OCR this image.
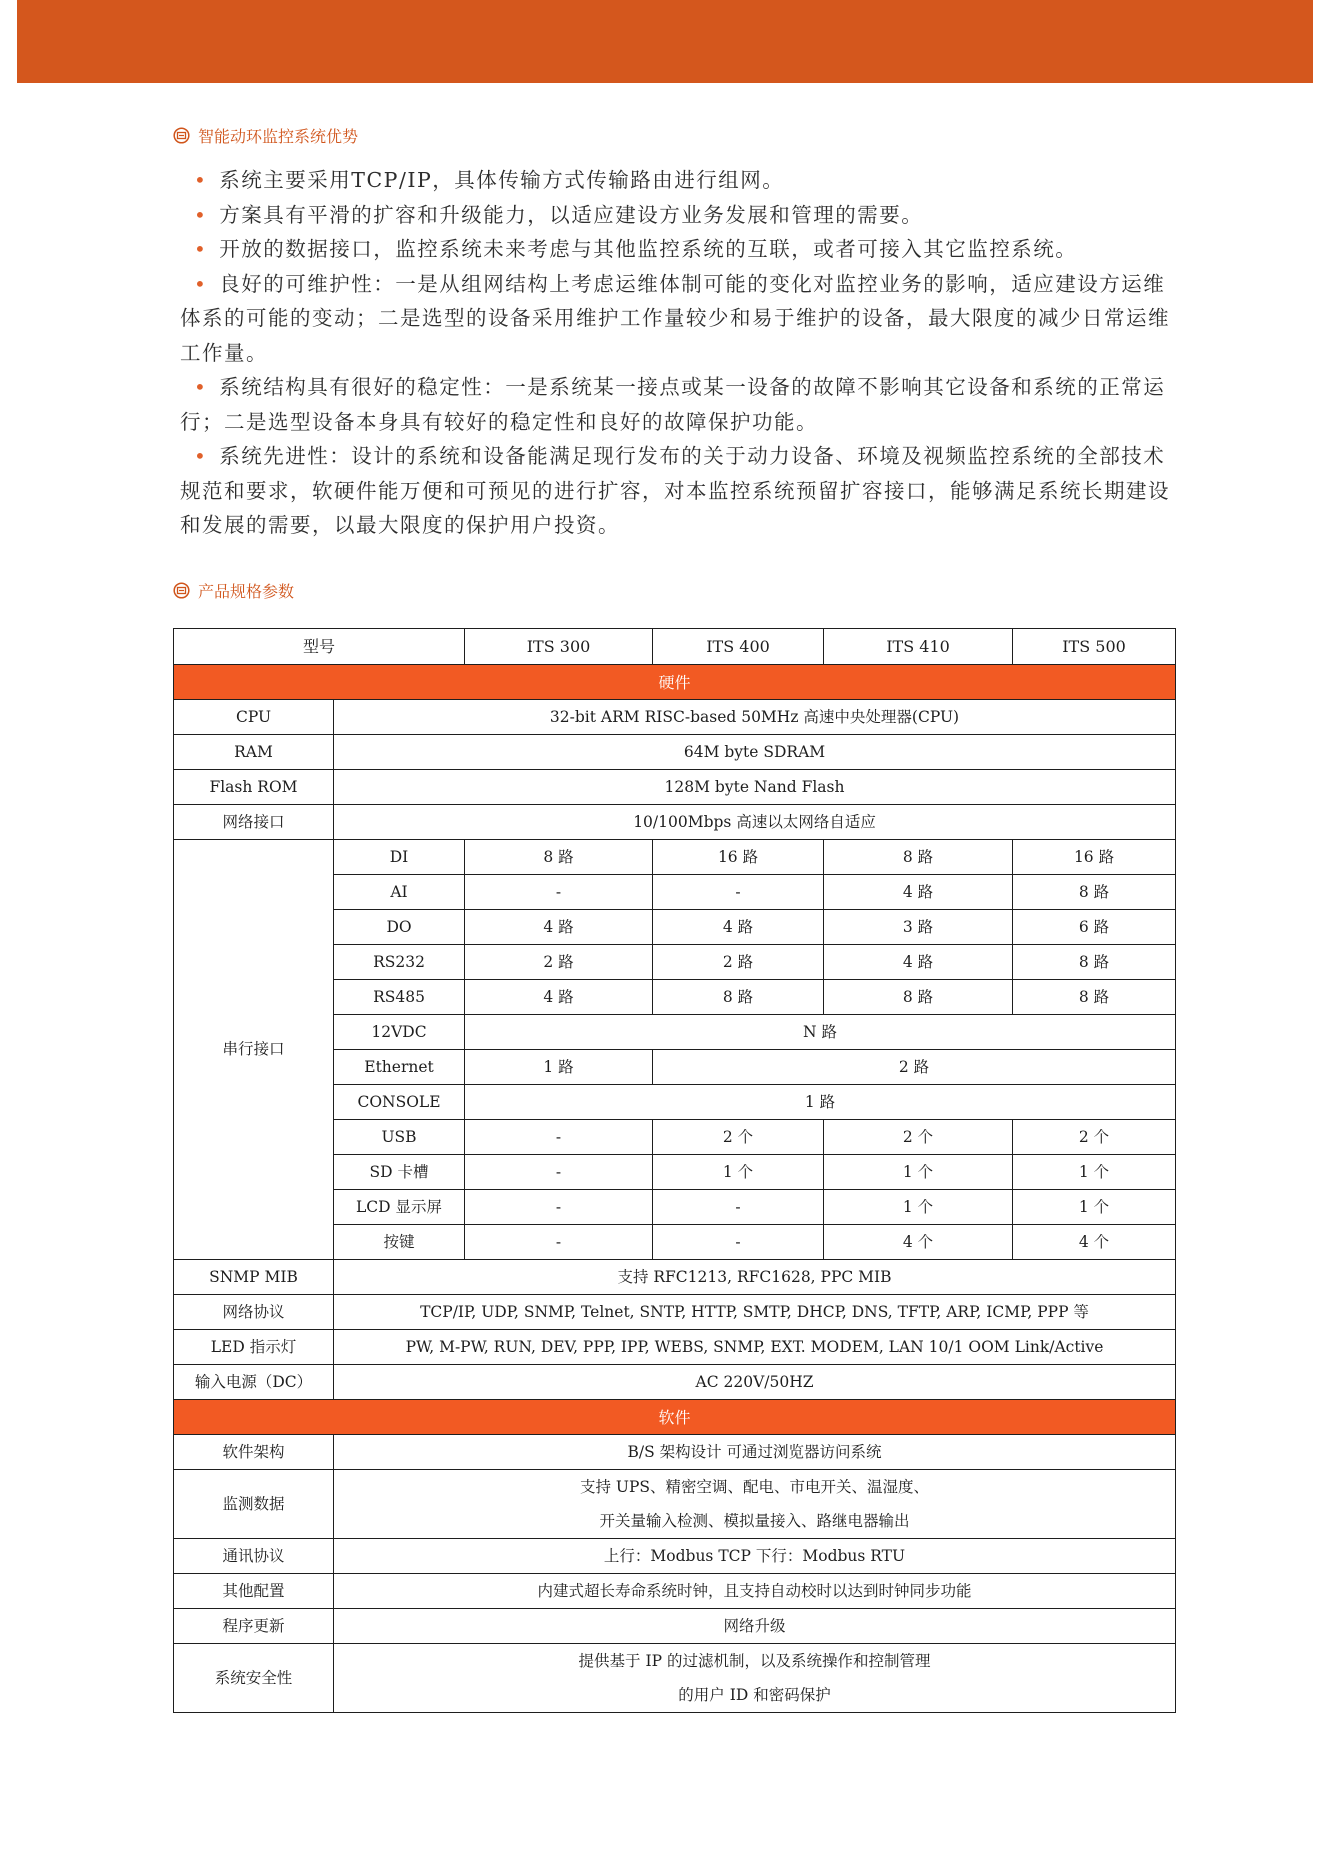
智能动环监控系统优势
• 系统主要采用TCP/IP，具体传输方式传输路由进行组网。
• 方案具有平滑的扩容和升级能力，以适应建设方业务发展和管理的需要。
• 开放的数据接口，监控系统未来考虑与其他监控系统的互联，或者可接入其它监控系统。
• 良好的可维护性：一是从组网结构上考虑运维体制可能的变化对监控业务的影响，适应建设方运维体系的可能的变动；二是选型的设备采用维护工作量较少和易于维护的设备，最大限度的减少日常运维工作量。
• 系统结构具有很好的稳定性：一是系统某一接点或某一设备的故障不影响其它设备和系统的正常运行；二是选型设备本身具有较好的稳定性和良好的故障保护功能。
• 系统先进性：设计的系统和设备能满足现行发布的关于动力设备、环境及视频监控系统的全部技术规范和要求，软硬件能万便和可预见的进行扩容，对本监控系统预留扩容接口，能够满足系统长期建设和发展的需要，以最大限度的保护用户投资。
产品规格参数
型号		ITS 300	ITS 400	ITS 410	ITS 500
硬件					
CPU	32-bit ARM RISC-based 50MHz 高速中央处理器(CPU)				
RAM	64M byte SDRAM				
Flash ROM	128M byte Nand Flash				
网络接口	10/100Mbps 高速以太网络自适应				
串行接口	DI	8 路	16 路	8 路	16 路
	AI	-	-	4 路	8 路
	DO	4 路	4 路	3 路	6 路
	RS232	2 路	2 路	4 路	8 路
	RS485	4 路	8 路	8 路	8 路
	12VDC	N 路			
	Ethernet	1 路	2 路		
	CONSOLE	1 路			
	USB	-	2 个	2 个	2 个
	SD 卡槽	-	1 个	1 个	1 个
	LCD 显示屏	-	-	1 个	1 个
	按键	-	-	4 个	4 个
SNMP MIB	支持 RFC1213, RFC1628, PPC MIB				
网络协议	TCP/IP, UDP, SNMP, Telnet, SNTP, HTTP, SMTP, DHCP, DNS, TFTP, ARP, ICMP, PPP 等				
LED 指示灯	PW, M-PW, RUN, DEV, PPP, IPP, WEBS, SNMP, EXT. MODEM, LAN 10/1 OOM Link/Active				
输入电源（DC）	AC 220V/50HZ				
软件					
软件架构	B/S 架构设计 可通过浏览器访问系统				
监测数据	支持 UPS、精密空调、配电、市电开关、温湿度、
开关量输入检测、模拟量接入、路继电器输出				

通讯协议	上行：Modbus TCP 下行：Modbus RTU				
其他配置	内建式超长寿命系统时钟，且支持自动校时以达到时钟同步功能				
程序更新	网络升级				
系统安全性	提供基于 IP 的过滤机制，以及系统操作和控制管理
的用户 ID 和密码保护				
